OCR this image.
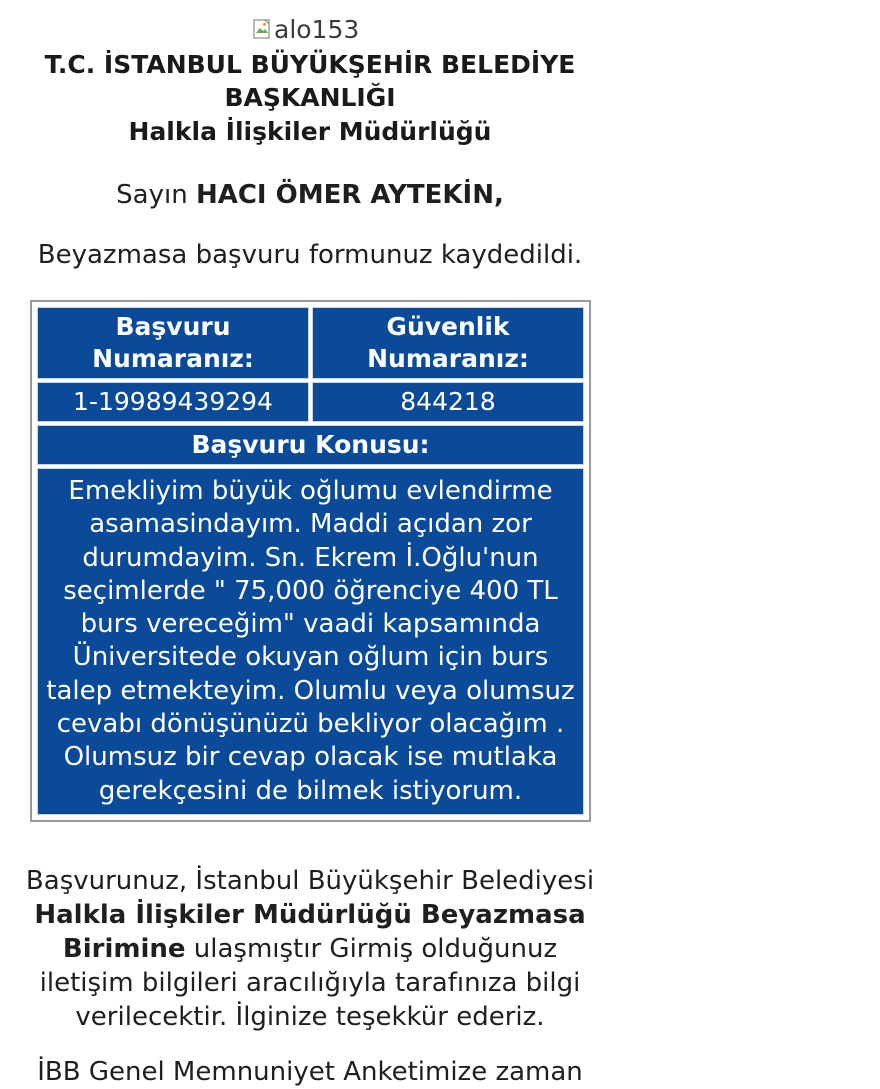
alo153
T.C. İSTANBUL BÜYÜKŞEHİR BELEDİYE BAŞKANLIĞI
Halkla İlişkiler Müdürlüğü
Sayın HACI ÖMER AYTEKİN,
Beyazmasa başvuru formunuz kaydedildi.
Başvuru Numaranız:	Güvenlik Numaranız:
1-19989439294	844218
Başvuru Konusu:	
Emekliyim büyük oğlumu evlendirme asamasindayım. Maddi açıdan zor durumdayim. Sn. Ekrem İ.Oğlu'nun seçimlerde " 75,000 öğrenciye 400 TL burs vereceğim" vaadi kapsamında Üniversitede okuyan oğlum için burs talep etmekteyim. Olumlu veya olumsuz cevabı dönüşünüzü bekliyor olacağım . Olumsuz bir cevap olacak ise mutlaka gerekçesini de bilmek istiyorum.	
Başvurunuz, İstanbul Büyükşehir Belediyesi Halkla İlişkiler Müdürlüğü Beyazmasa Birimine ulaşmıştır Girmiş olduğunuz iletişim bilgileri aracılığıyla tarafınıza bilgi verilecektir. İlginize teşekkür ederiz.
İBB Genel Memnuniyet Anketimize zaman
